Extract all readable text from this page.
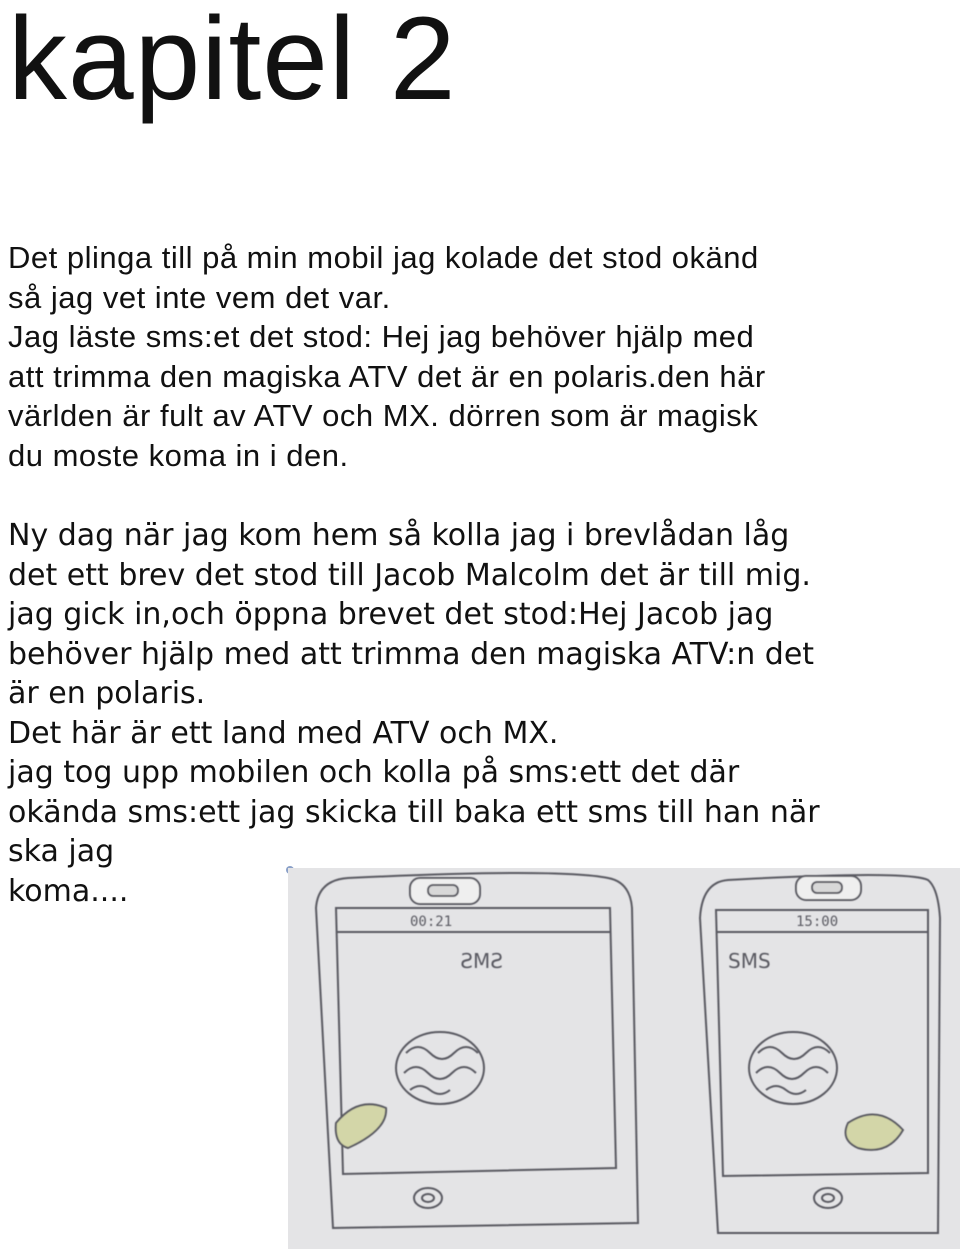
kapitel 2
Det plinga till på min mobil jag kolade det stod okänd
så jag vet inte vem det var.
Jag läste sms:et det stod: Hej jag behöver hjälp med
att trimma den magiska ATV det är en polaris.den här
världen är fult av ATV och MX. dörren som är magisk
du moste koma in i den.
Ny dag när jag kom hem så kolla jag i brevlådan låg
det ett brev det stod till Jacob Malcolm det är till mig.
jag gick in,och öppna brevet det stod:Hej Jacob jag
behöver hjälp med att trimma den magiska ATV:n det
är en polaris.
Det här är ett land med ATV och MX.
jag tog upp mobilen och kolla på sms:ett det där
okända sms:ett jag skicka till baka ett sms till han när
ska jag
koma....
00:21
SMS
15:00
SMS
